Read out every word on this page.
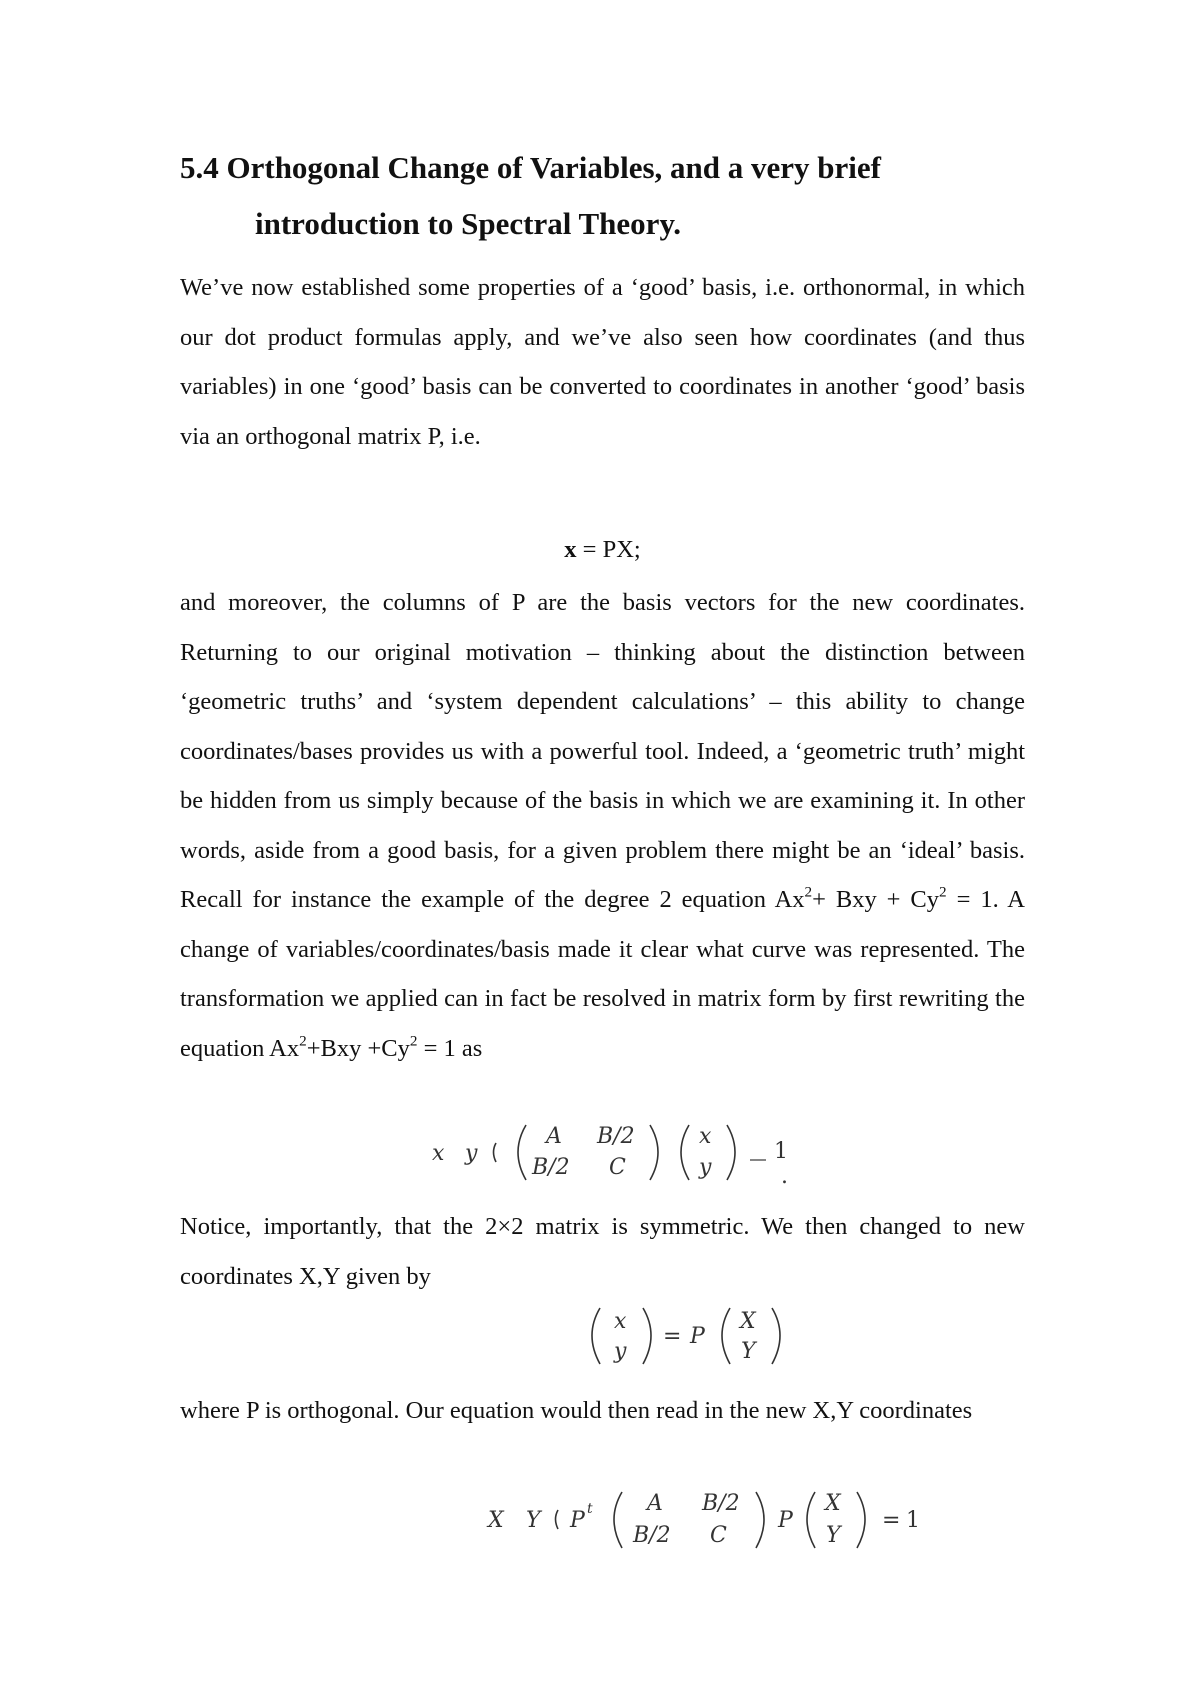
5.4 Orthogonal Change of Variables, and a very brief
introduction to Spectral Theory.
We’ve now established some properties of a ‘good’ basis, i.e. orthonormal, in which our dot product formulas apply, and we’ve also seen how coordinates (and thus variables) in one ‘good’ basis can be converted to coordinates in another ‘good’ basis via an orthogonal matrix P, i.e.
x = PX;
and moreover, the columns of P are the basis vectors for the new coordinates. Returning to our original motivation – thinking about the distinction between ‘geometric truths’ and ‘system dependent calculations’ – this ability to change coordinates/bases provides us with a powerful tool. Indeed, a ‘geometric truth’ might be hidden from us simply because of the basis in which we are examining it. In other words, aside from a good basis, for a given problem there might be an ‘ideal’ basis. Recall for instance the example of the degree 2 equation $Ax^2+$ Bxy + $Cy^2 = 1$. A change of variables/coordinates/basis made it clear what curve was represented. The transformation we applied can in fact be resolved in matrix form by first rewriting the equation $Ax^2+Bxy +Cy^2 = 1$ as
x y
A B/2
B/2 C
x
y
1
.
Notice, importantly, that the 2×2 matrix is symmetric. We then changed to new coordinates X,Y given by
x
y
= P
X
Y
where P is orthogonal. Our equation would then read in the new X,Y coordinates
X Y P t A B/2
B/2 C
P
X
Y
= 1
